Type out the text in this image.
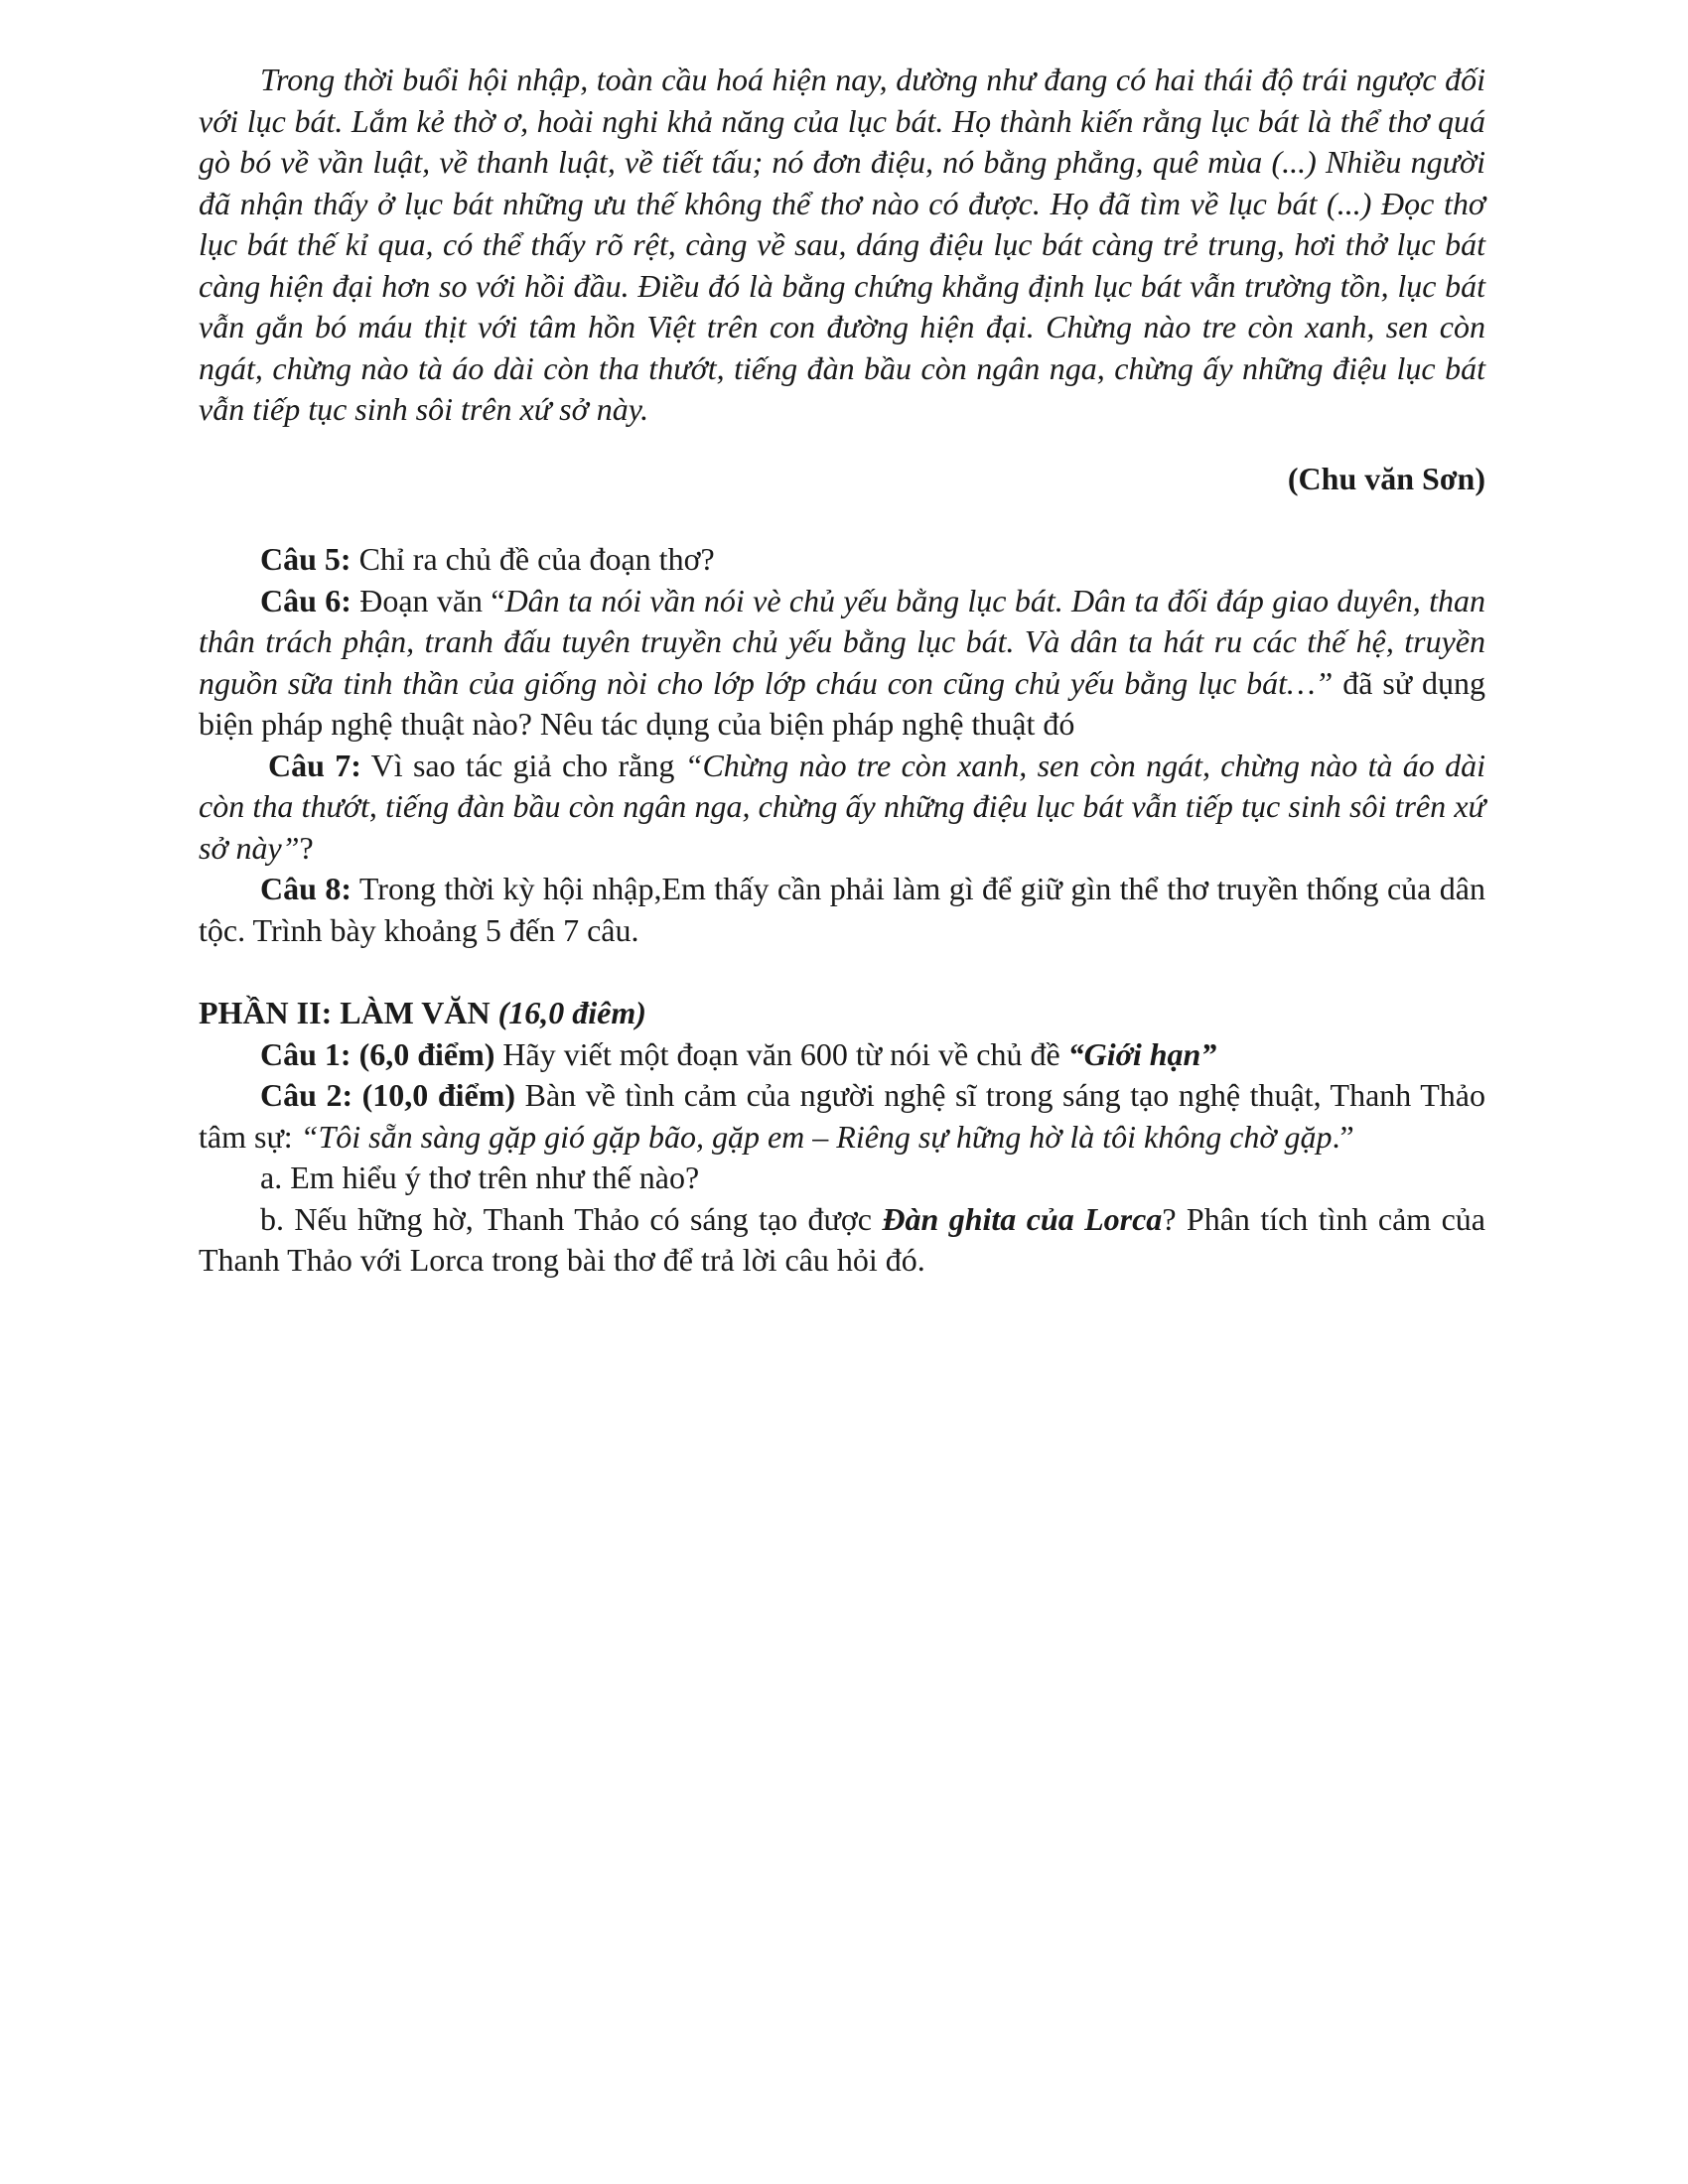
Trong thời buổi hội nhập, toàn cầu hoá hiện nay, dường như đang có hai thái độ trái ngược đối với lục bát. Lắm kẻ thờ ơ, hoài nghi khả năng của lục bát. Họ thành kiến rằng lục bát là thể thơ quá gò bó về vần luật, về thanh luật, về tiết tấu; nó đơn điệu, nó bằng phẳng, quê mùa (...) Nhiều người đã nhận thấy ở lục bát những ưu thế không thể thơ nào có được. Họ đã tìm về lục bát (...) Đọc thơ lục bát thế kỉ qua, có thể thấy rõ rệt, càng về sau, dáng điệu lục bát càng trẻ trung, hơi thở lục bát càng hiện đại hơn so với hồi đầu. Điều đó là bằng chứng khẳng định lục bát vẫn trường tồn, lục bát vẫn gắn bó máu thịt với tâm hồn Việt trên con đường hiện đại. Chừng nào tre còn xanh, sen còn ngát, chừng nào tà áo dài còn tha thướt, tiếng đàn bầu còn ngân nga, chừng ấy những điệu lục bát vẫn tiếp tục sinh sôi trên xứ sở này.

(Chu văn Sơn)

Câu 5: Chỉ ra chủ đề của đoạn thơ?

Câu 6: Đoạn văn “Dân ta nói vần nói vè chủ yếu bằng lục bát. Dân ta đối đáp giao duyên, than thân trách phận, tranh đấu tuyên truyền chủ yếu bằng lục bát. Và dân ta hát ru các thế hệ, truyền nguồn sữa tinh thần của giống nòi cho lớp lớp cháu con cũng chủ yếu bằng lục bát…” đã sử dụng biện pháp nghệ thuật nào? Nêu tác dụng của biện pháp nghệ thuật đó

Câu 7: Vì sao tác giả cho rằng “Chừng nào tre còn xanh, sen còn ngát, chừng nào tà áo dài còn tha thướt, tiếng đàn bầu còn ngân nga, chừng ấy những điệu lục bát vẫn tiếp tục sinh sôi trên xứ sở này”?

Câu 8: Trong thời kỳ hội nhập,Em thấy cần phải làm gì để giữ gìn thể thơ truyền thống của dân tộc. Trình bày khoảng 5 đến 7 câu.

PHẦN II: LÀM VĂN (16,0 điêm)

Câu 1: (6,0 điểm) Hãy viết một đoạn văn 600 từ nói về chủ đề “Giới hạn”

Câu 2: (10,0 điểm) Bàn về tình cảm của người nghệ sĩ trong sáng tạo nghệ thuật, Thanh Thảo tâm sự: “Tôi sẵn sàng gặp gió gặp bão, gặp em – Riêng sự hững hờ là tôi không chờ gặp.”

a. Em hiểu ý thơ trên như thế nào?

b. Nếu hững hờ, Thanh Thảo có sáng tạo được Đàn ghita của Lorca? Phân tích tình cảm của Thanh Thảo với Lorca trong bài thơ để trả lời câu hỏi đó.
